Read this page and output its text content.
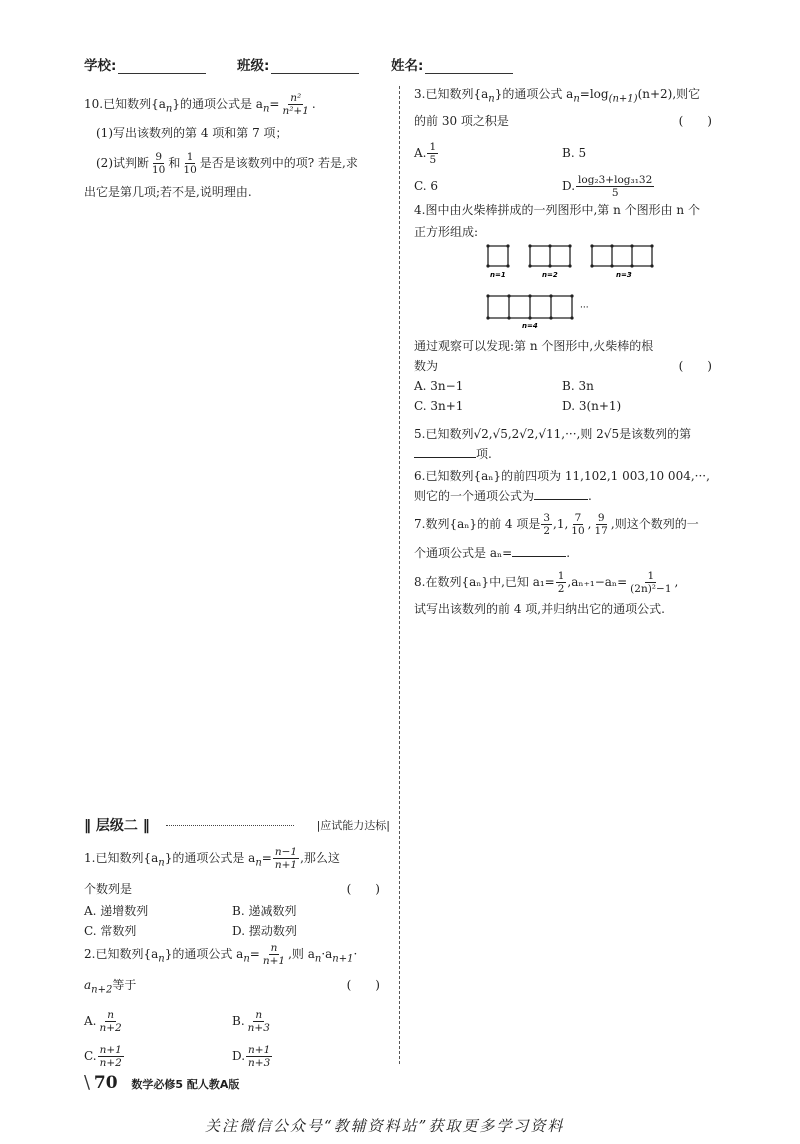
学校:	班级:	姓名:
10.已知数列$\{a_n\}$的通项公式是 $a_n= \frac{\text{n²}}{\text{n²+1}}$ .
(1)写出该数列的第 4 项和第 7 项；
(2)试判断 $\frac{9}{10}$ 和 $\frac{1}{10}$ 是否是该数列中的项? 若是,求
出它是第几项;若不是,说明理由.
‖ 层级二 ‖	|应试能力达标|
1.已知数列$\{a_n\}$的通项公式是 $a_n= \frac{n-1}{n+1}$ ,那么这
个数列是	(　　)
A. 递增数列	B. 递减数列
C. 常数列	D. 摆动数列
2.已知数列$\{a_n\}$的通项公式 $a_n= \frac{n}{n+1}$ ,则 $a_n\cdot a_{n+1}\cdot$
$a_{n+2}$等于	(　　)
A. $\frac{n}{n+2}$	B. $\frac{n}{n+3}$
C. $\frac{n+1}{n+2}$	D. $\frac{n+1}{n+3}$
3.已知数列$\{a_n\}$的通项公式 $a_n=\log_{(n+1)}(n+2)$,则它
的前 30 项之积是	(　　)
A. $\frac{1}{5}$	B. 5
C. 6	D. $\frac{\text{log₂3+log₃₁32}}{5}$
4.图中由火柴棒拼成的一列图形中,第 n 个图形由 n 个
正方形组成:
n=1	n=2	n=3
n=4
···
通过观察可以发现:第 n 个图形中,火柴棒的根
数为	(　　)
A. 3n−1	B. 3n
C. 3n+1	D. 3(n+1)
5.已知数列√2,√5,2√2,√11,···,则 2√5是该数列的第
项.
6.已知数列{aₙ}的前四项为 11,102,1 003,10 004,···,
则它的一个通项公式为	.
7.数列{aₙ}的前 4 项是 $\frac{3}{2} ,1$, $\frac{7}{10}$ , $\frac{9}{17}$ ,则这个数列的一
个通项公式是 aₙ=	.
8.在数列{aₙ}中,已知 $a_1= \frac{1}{2} ,a_{n+1}-a_n= \frac{1}{\text{(2n)²−1}}$ ,
试写出该数列的前 4 项,并归纳出它的通项公式.
\ 70 数学必修5 配人教A版
关注微信公众号“教辅资料站”获取更多学习资料
